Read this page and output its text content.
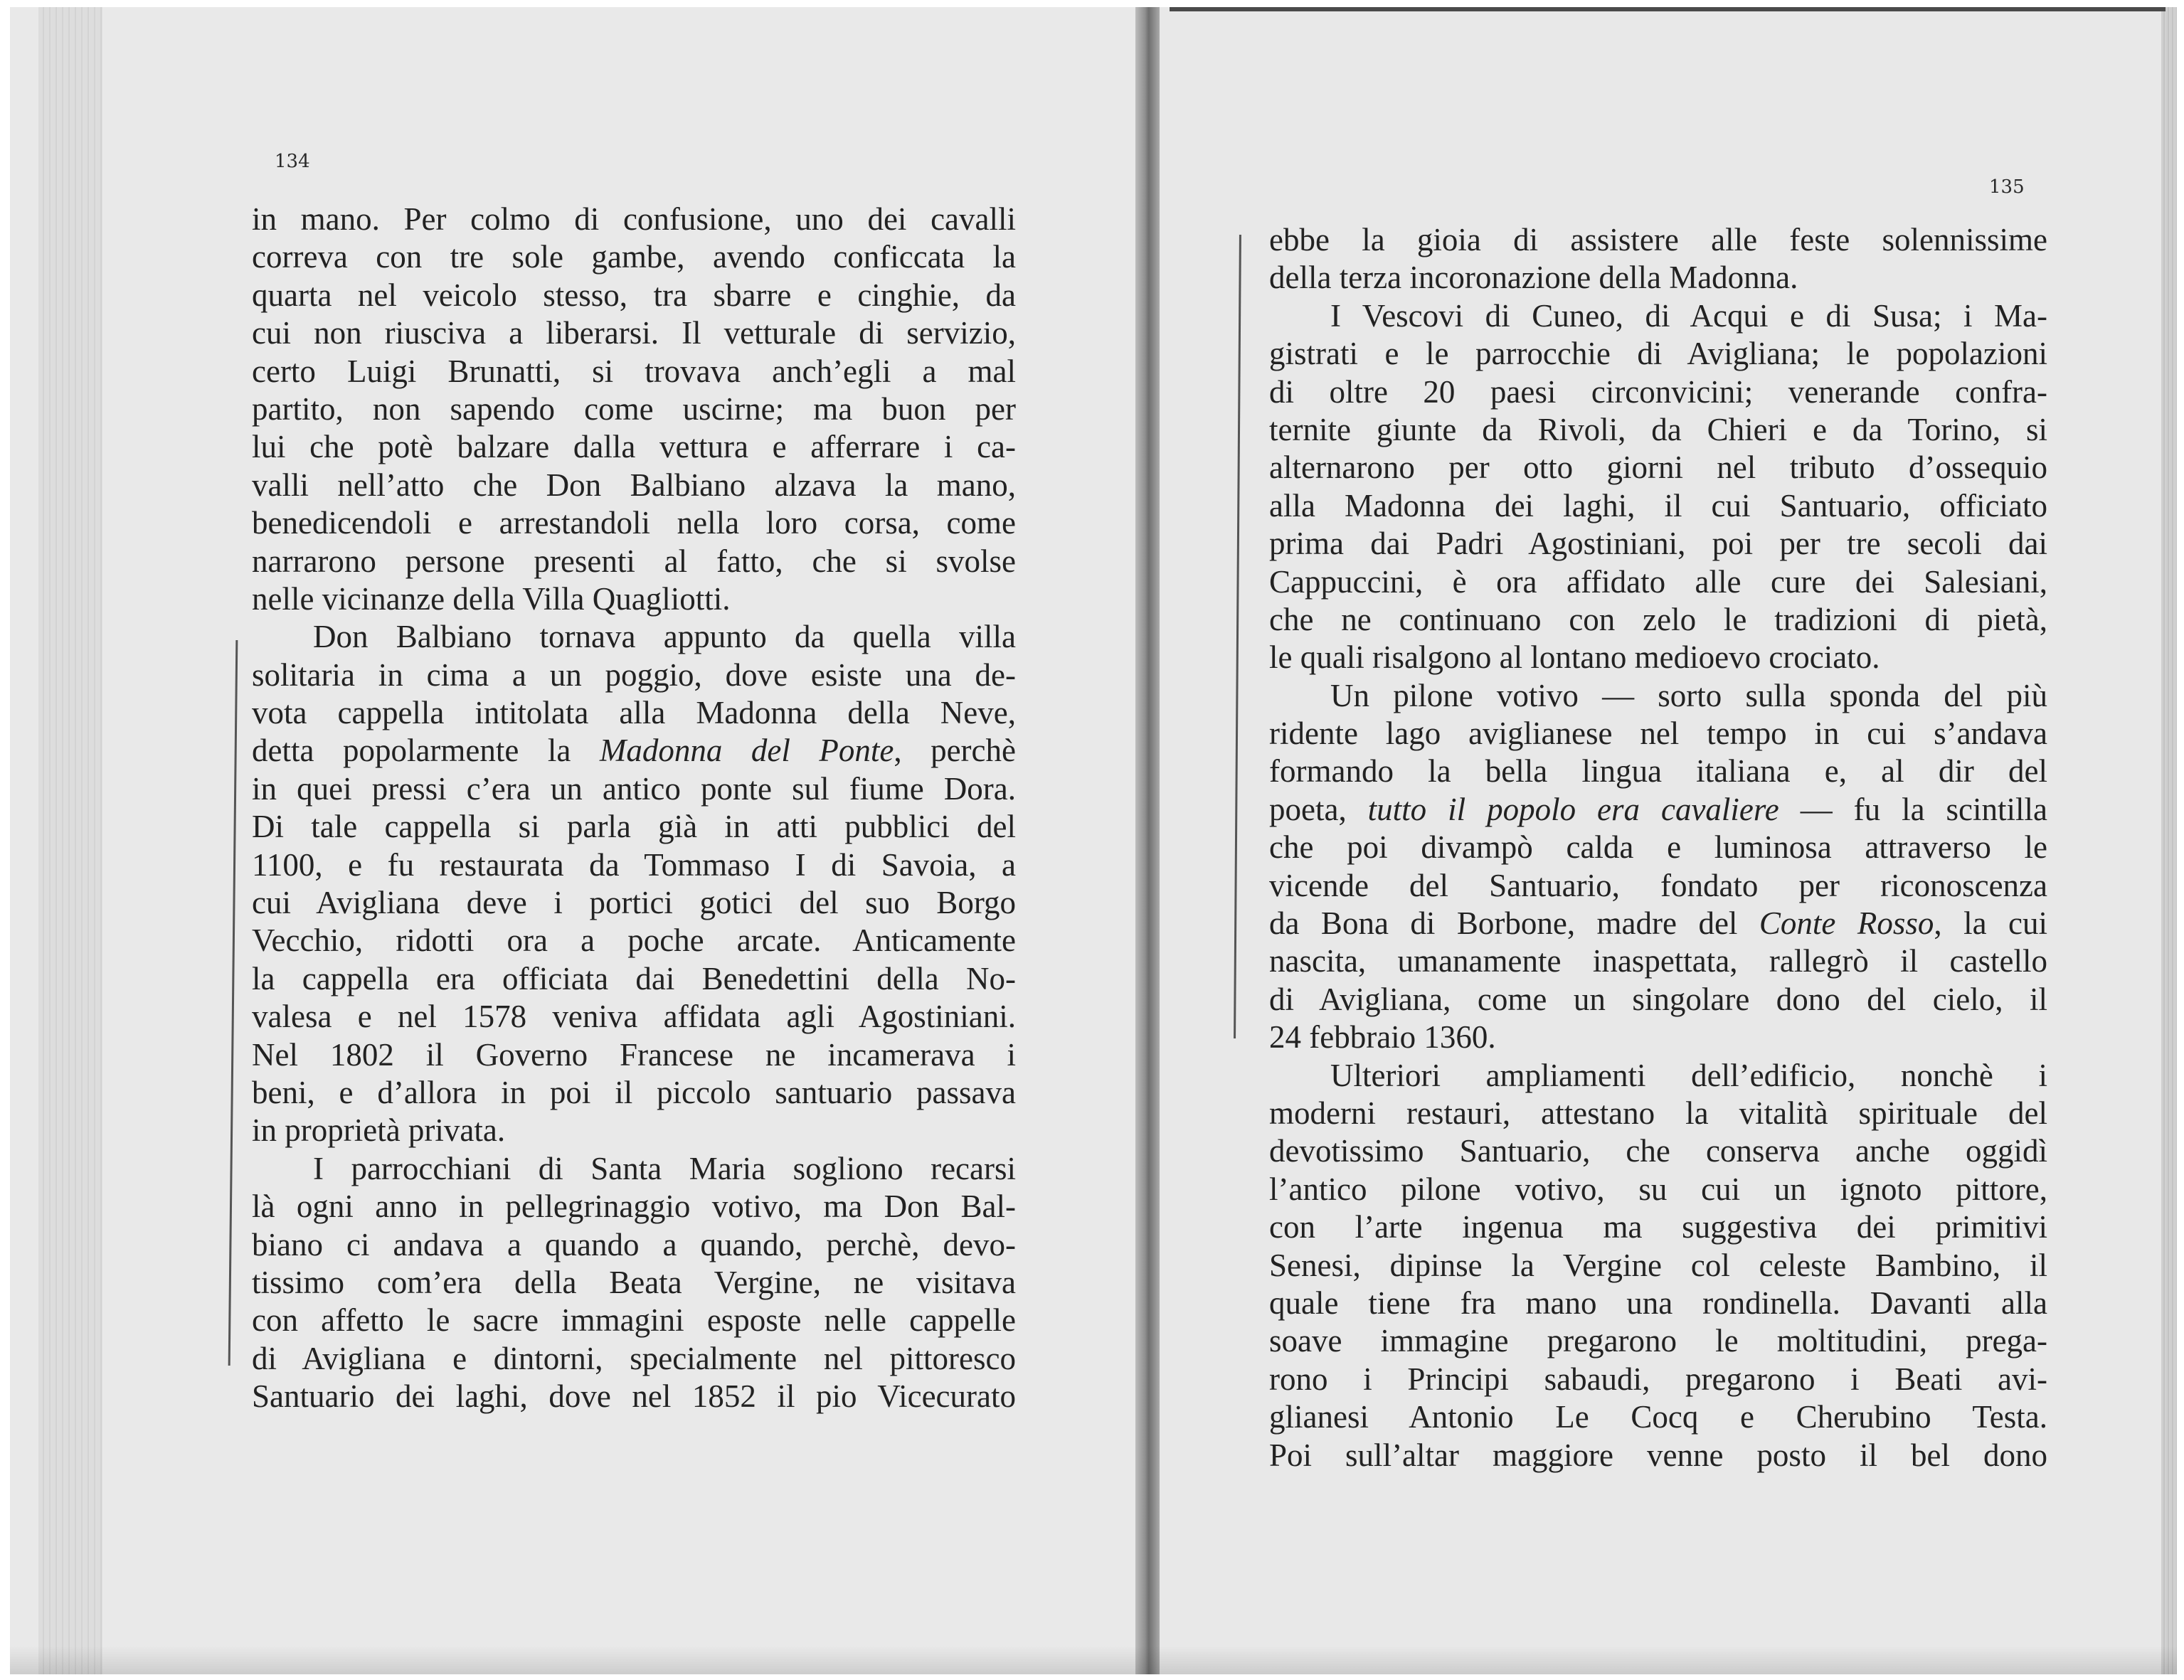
134
135
in mano. Per colmo di confusione, uno dei cavalli
correva con tre sole gambe, avendo conficcata la
quarta nel veicolo stesso, tra sbarre e cinghie, da
cui non riusciva a liberarsi. Il vetturale di servizio,
certo Luigi Brunatti, si trovava anch’egli a mal
partito, non sapendo come uscirne; ma buon per
lui che potè balzare dalla vettura e afferrare i ca-
valli nell’atto che Don Balbiano alzava la mano,
benedicendoli e arrestandoli nella loro corsa, come
narrarono persone presenti al fatto, che si svolse
nelle vicinanze della Villa Quagliotti.
Don Balbiano tornava appunto da quella villa
solitaria in cima a un poggio, dove esiste una de-
vota cappella intitolata alla Madonna della Neve,
detta popolarmente la Madonna del Ponte, perchè
in quei pressi c’era un antico ponte sul fiume Dora.
Di tale cappella si parla già in atti pubblici del
1100, e fu restaurata da Tommaso I di Savoia, a
cui Avigliana deve i portici gotici del suo Borgo
Vecchio, ridotti ora a poche arcate. Anticamente
la cappella era officiata dai Benedettini della No-
valesa e nel 1578 veniva affidata agli Agostiniani.
Nel 1802 il Governo Francese ne incamerava i
beni, e d’allora in poi il piccolo santuario passava
in proprietà privata.
I parrocchiani di Santa Maria sogliono recarsi
là ogni anno in pellegrinaggio votivo, ma Don Bal-
biano ci andava a quando a quando, perchè, devo-
tissimo com’era della Beata Vergine, ne visitava
con affetto le sacre immagini esposte nelle cappelle
di Avigliana e dintorni, specialmente nel pittoresco
Santuario dei laghi, dove nel 1852 il pio Vicecurato
ebbe la gioia di assistere alle feste solennissime
della terza incoronazione della Madonna.
I Vescovi di Cuneo, di Acqui e di Susa; i Ma-
gistrati e le parrocchie di Avigliana; le popolazioni
di oltre 20 paesi circonvicini; venerande confra-
ternite giunte da Rivoli, da Chieri e da Torino, si
alternarono per otto giorni nel tributo d’ossequio
alla Madonna dei laghi, il cui Santuario, officiato
prima dai Padri Agostiniani, poi per tre secoli dai
Cappuccini, è ora affidato alle cure dei Salesiani,
che ne continuano con zelo le tradizioni di pietà,
le quali risalgono al lontano medioevo crociato.
Un pilone votivo — sorto sulla sponda del più
ridente lago aviglianese nel tempo in cui s’andava
formando la bella lingua italiana e, al dir del
poeta, tutto il popolo era cavaliere — fu la scintilla
che poi divampò calda e luminosa attraverso le
vicende del Santuario, fondato per riconoscenza
da Bona di Borbone, madre del Conte Rosso, la cui
nascita, umanamente inaspettata, rallegrò il castello
di Avigliana, come un singolare dono del cielo, il
24 febbraio 1360.
Ulteriori ampliamenti dell’edificio, nonchè i
moderni restauri, attestano la vitalità spirituale del
devotissimo Santuario, che conserva anche oggidì
l’antico pilone votivo, su cui un ignoto pittore,
con l’arte ingenua ma suggestiva dei primitivi
Senesi, dipinse la Vergine col celeste Bambino, il
quale tiene fra mano una rondinella. Davanti alla
soave immagine pregarono le moltitudini, prega-
rono i Principi sabaudi, pregarono i Beati avi-
glianesi Antonio Le Cocq e Cherubino Testa.
Poi sull’altar maggiore venne posto il bel dono
